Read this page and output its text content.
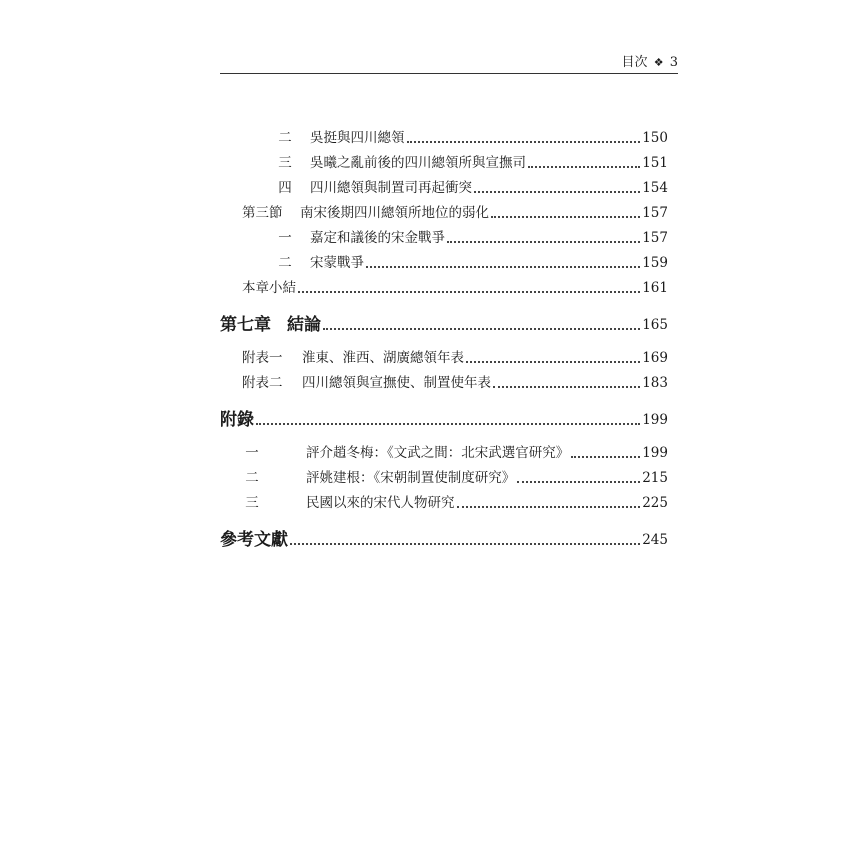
目次 ❖ 3
二	吳挺與四川總領	150
三	吳曦之亂前後的四川總領所與宣撫司	151
四	四川總領與制置司再起衝突	154
第三節 南宋後期四川總領所地位的弱化	157
一	嘉定和議後的宋金戰爭	157
二	宋蒙戰爭	159
本章小結	161
第七章 結論	165
附表一	淮東、淮西、湖廣總領年表	169
附表二	四川總領與宣撫使、制置使年表	183
附錄	199
一	評介趙冬梅：《文武之間：北宋武選官研究》	199
二	評姚建根：《宋朝制置使制度研究》	215
三	民國以來的宋代人物研究	225
參考文獻	245
